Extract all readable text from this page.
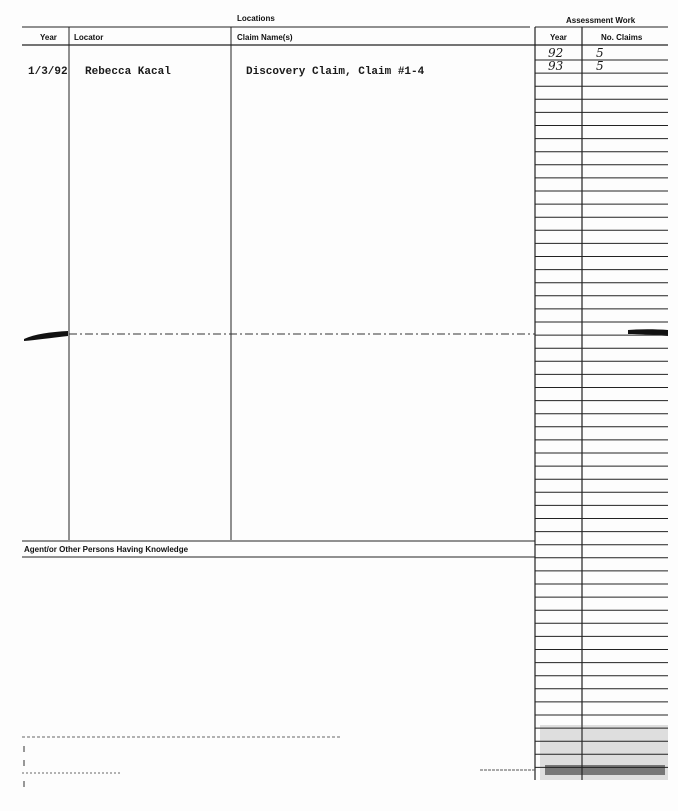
Locations	Assessment Work
Year Locator	Claim Name(s)	Year	No. Claims
1/3/92 Rebecca Kacal	Discovery Claim, Claim #1-4
92	5
93	5
Agent/or Other Persons Having Knowledge
